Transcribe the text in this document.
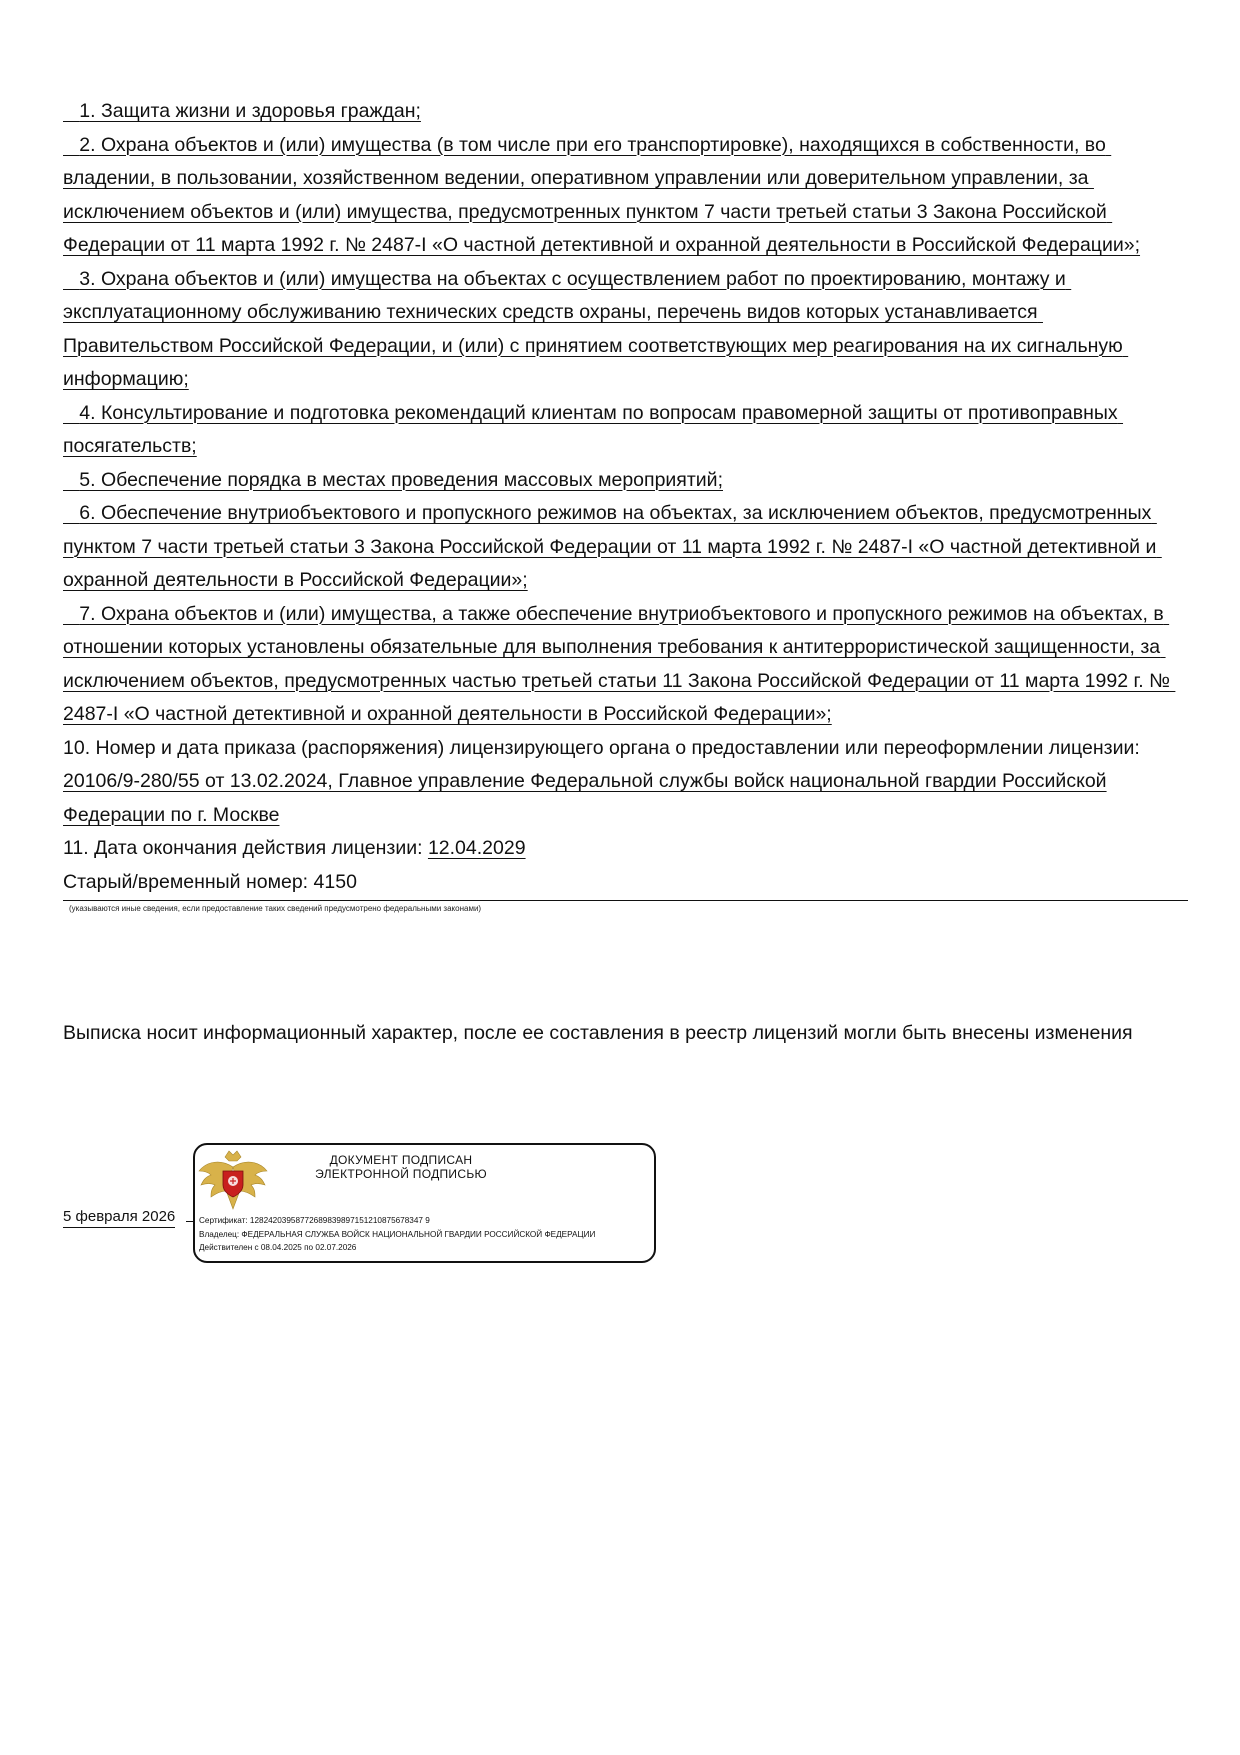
1. Защита жизни и здоровья граждан;

2. Охрана объектов и (или) имущества (в том числе при его транспортировке), находящихся в собственности, во владении, в пользовании, хозяйственном ведении, оперативном управлении или доверительном управлении, за исключением объектов и (или) имущества, предусмотренных пунктом 7 части третьей статьи 3 Закона Российской Федерации от 11 марта 1992 г. № 2487-I «О частной детективной и охранной деятельности в Российской Федерации»;

3. Охрана объектов и (или) имущества на объектах с осуществлением работ по проектированию, монтажу и эксплуатационному обслуживанию технических средств охраны, перечень видов которых устанавливается Правительством Российской Федерации, и (или) с принятием соответствующих мер реагирования на их сигнальную информацию;

4. Консультирование и подготовка рекомендаций клиентам по вопросам правомерной защиты от противоправных посягательств;

5. Обеспечение порядка в местах проведения массовых мероприятий;

6. Обеспечение внутриобъектового и пропускного режимов на объектах, за исключением объектов, предусмотренных пунктом 7 части третьей статьи 3 Закона Российской Федерации от 11 марта 1992 г. № 2487-I «О частной детективной и охранной деятельности в Российской Федерации»;

7. Охрана объектов и (или) имущества, а также обеспечение внутриобъектового и пропускного режимов на объектах, в отношении которых установлены обязательные для выполнения требования к антитеррористической защищенности, за исключением объектов, предусмотренных частью третьей статьи 11 Закона Российской Федерации от 11 марта 1992 г. № 2487-I «О частной детективной и охранной деятельности в Российской Федерации»;

10. Номер и дата приказа (распоряжения) лицензирующего органа о предоставлении или переоформлении лицензии: 20106/9-280/55 от 13.02.2024, Главное управление Федеральной службы войск национальной гвардии Российской Федерации по г. Москве

11. Дата окончания действия лицензии: 12.04.2029

Старый/временный номер: 4150

(указываются иные сведения, если предоставление таких сведений предусмотрено федеральными законами)
Выписка носит информационный характер, после ее составления в реестр лицензий могли быть внесены изменения
5 февраля 2026
ДОКУМЕНТ ПОДПИСАН
ЭЛЕКТРОННОЙ ПОДПИСЬЮ
Сертификат: 12824203958772689839897151210875678347 9
Владелец: ФЕДЕРАЛЬНАЯ СЛУЖБА ВОЙСК НАЦИОНАЛЬНОЙ ГВАРДИИ РОССИЙСКОЙ ФЕДЕРАЦИИ
Действителен с 08.04.2025 по 02.07.2026
